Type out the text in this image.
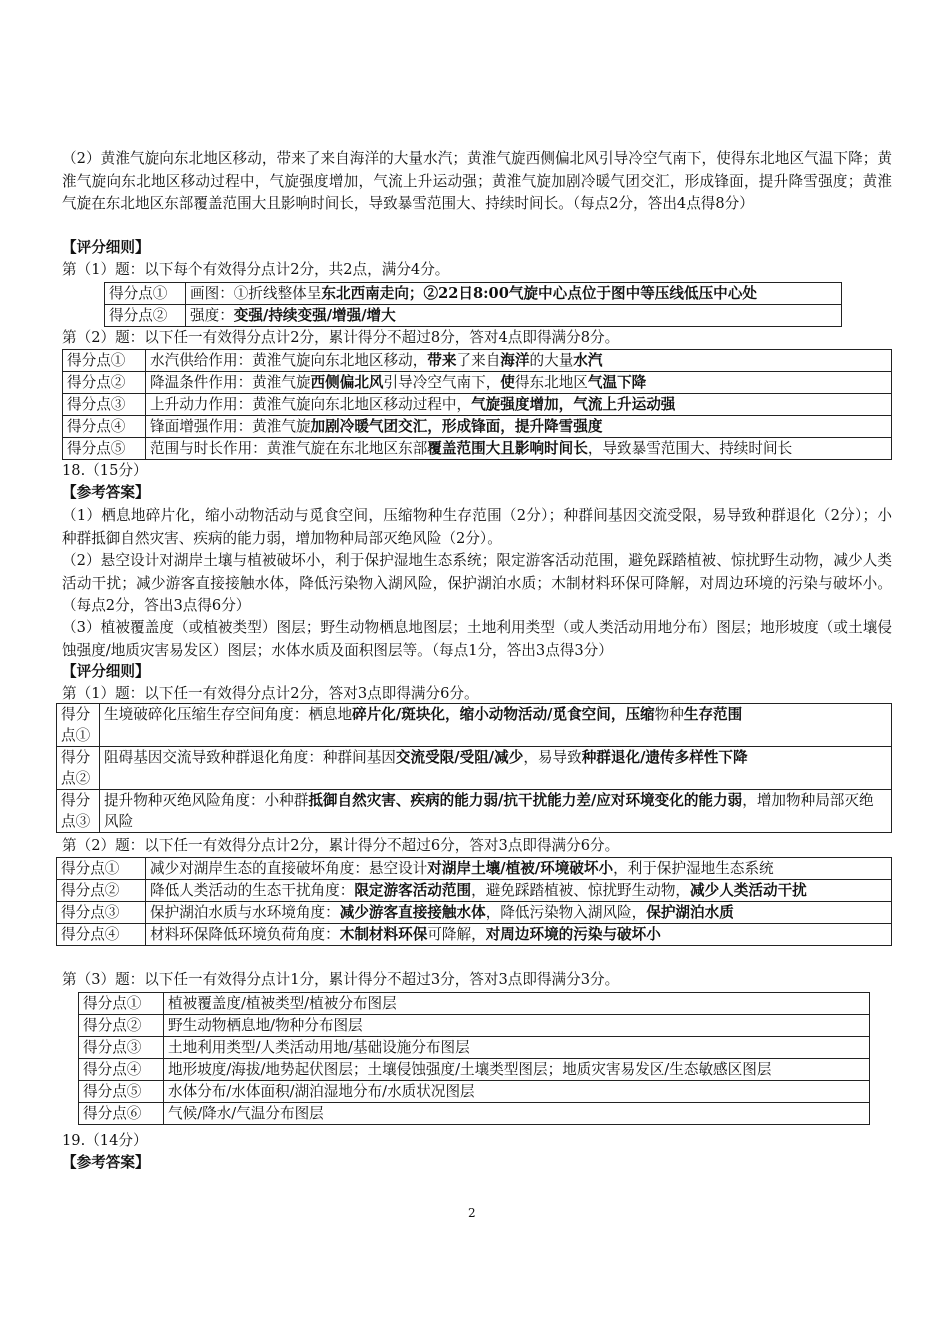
（2）黄淮气旋向东北地区移动，带来了来自海洋的大量水汽；黄淮气旋西侧偏北风引导冷空气南下，使得东北地区气温下降；黄淮气旋向东北地区移动过程中，气旋强度增加，气流上升运动强；黄淮气旋加剧冷暖气团交汇，形成锋面，提升降雪强度；黄淮气旋在东北地区东部覆盖范围大且影响时间长，导致暴雪范围大、持续时间长。（每点2分，答出4点得8分）
【评分细则】
第（1）题：以下每个有效得分点计2分，共2点，满分4分。
得分点①	画图：①折线整体呈东北西南走向；②22日8:00气旋中心点位于图中等压线低压中心处
得分点②	强度：变强/持续变强/增强/增大
第（2）题：以下任一有效得分点计2分，累计得分不超过8分，答对4点即得满分8分。
得分点①	水汽供给作用：黄淮气旋向东北地区移动，带来了来自海洋的大量水汽
得分点②	降温条件作用：黄淮气旋西侧偏北风引导冷空气南下，使得东北地区气温下降
得分点③	上升动力作用：黄淮气旋向东北地区移动过程中，气旋强度增加，气流上升运动强
得分点④	锋面增强作用：黄淮气旋加剧冷暖气团交汇，形成锋面，提升降雪强度
得分点⑤	范围与时长作用：黄淮气旋在东北地区东部覆盖范围大且影响时间长，导致暴雪范围大、持续时间长
18.（15分）
【参考答案】
（1）栖息地碎片化，缩小动物活动与觅食空间，压缩物种生存范围（2分）；种群间基因交流受限，易导致种群退化（2分）；小种群抵御自然灾害、疾病的能力弱，增加物种局部灭绝风险（2分）。
（2）悬空设计对湖岸土壤与植被破坏小，利于保护湿地生态系统；限定游客活动范围，避免踩踏植被、惊扰野生动物，减少人类活动干扰；减少游客直接接触水体，降低污染物入湖风险，保护湖泊水质；木制材料环保可降解，对周边环境的污染与破坏小。（每点2分，答出3点得6分）
（3）植被覆盖度（或植被类型）图层；野生动物栖息地图层；土地利用类型（或人类活动用地分布）图层；地形坡度（或土壤侵蚀强度/地质灾害易发区）图层；水体水质及面积图层等。（每点1分，答出3点得3分）
【评分细则】
第（1）题：以下任一有效得分点计2分，答对3点即得满分6分。
得分点①	生境破碎化压缩生存空间角度：栖息地碎片化/斑块化，缩小动物活动/觅食空间，压缩物种生存范围
得分点②	阻碍基因交流导致种群退化角度：种群间基因交流受限/受阻/减少，易导致种群退化/遗传多样性下降
得分点③	提升物种灭绝风险角度：小种群抵御自然灾害、疾病的能力弱/抗干扰能力差/应对环境变化的能力弱，增加物种局部灭绝风险
第（2）题：以下任一有效得分点计2分，累计得分不超过6分，答对3点即得满分6分。
得分点①	减少对湖岸生态的直接破坏角度：悬空设计对湖岸土壤/植被/环境破坏小，利于保护湿地生态系统
得分点②	降低人类活动的生态干扰角度：限定游客活动范围，避免踩踏植被、惊扰野生动物，减少人类活动干扰
得分点③	保护湖泊水质与水环境角度：减少游客直接接触水体，降低污染物入湖风险，保护湖泊水质
得分点④	材料环保降低环境负荷角度：木制材料环保可降解，对周边环境的污染与破坏小
第（3）题：以下任一有效得分点计1分，累计得分不超过3分，答对3点即得满分3分。
得分点①	植被覆盖度/植被类型/植被分布图层
得分点②	野生动物栖息地/物种分布图层
得分点③	土地利用类型/人类活动用地/基础设施分布图层
得分点④	地形坡度/海拔/地势起伏图层；土壤侵蚀强度/土壤类型图层；地质灾害易发区/生态敏感区图层
得分点⑤	水体分布/水体面积/湖泊湿地分布/水质状况图层
得分点⑥	气候/降水/气温分布图层
19.（14分）
【参考答案】
2
